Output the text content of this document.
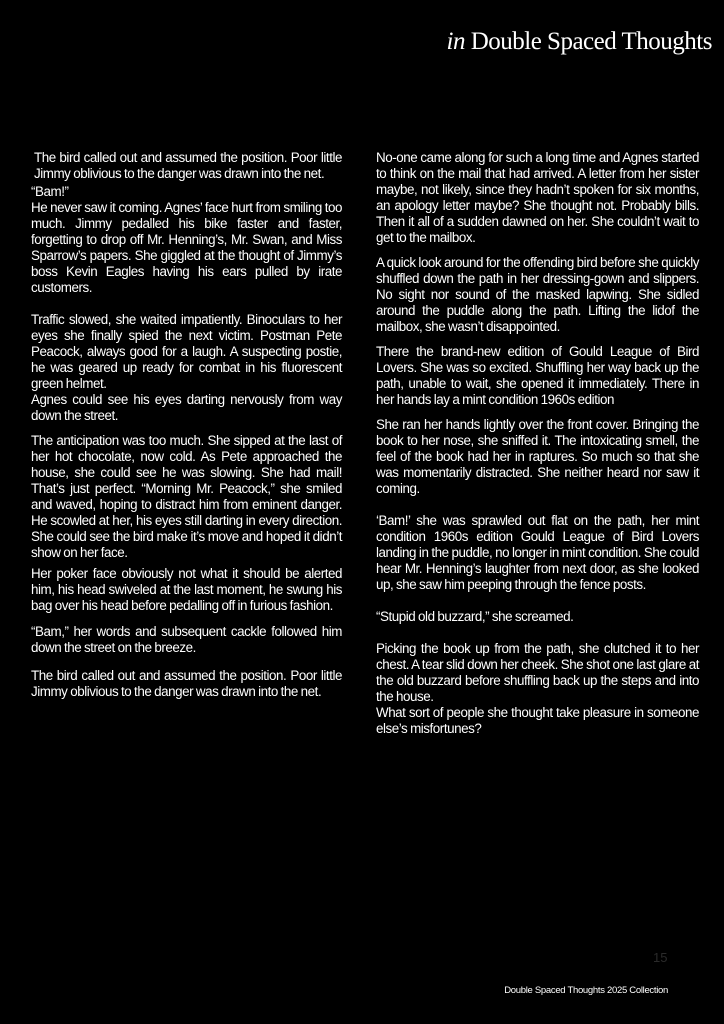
in Double Spaced Thoughts

The bird called out and assumed the position. Poor little Jimmy oblivious to the danger was drawn into the net.

“Bam!”

He never saw it coming. Agnes’ face hurt from smiling too much. Jimmy pedalled his bike faster and faster, forgetting to drop off Mr. Henning’s, Mr. Swan, and Miss Sparrow’s papers. She giggled at the thought of Jimmy’s boss Kevin Eagles having his ears pulled by irate customers.

Traffic slowed, she waited impatiently. Binoculars to her eyes she finally spied the next victim. Postman Pete Peacock, always good for a laugh. A suspecting postie, he was geared up ready for combat in his fluorescent green helmet.

Agnes could see his eyes darting nervously from way down the street.

The anticipation was too much. She sipped at the last of her hot chocolate, now cold. As Pete approached the house, she could see he was slowing. She had mail! That’s just perfect. “Morning Mr. Peacock,” she smiled and waved, hoping to distract him from eminent danger. He scowled at her, his eyes still darting in every direction. She could see the bird make it’s move and hoped it didn’t show on her face.

Her poker face obviously not what it should be alerted him, his head swiveled at the last moment, he swung his bag over his head before pedalling off in furious fashion.

“Bam,” her words and subsequent cackle followed him down the street on the breeze.

The bird called out and assumed the position. Poor little Jimmy oblivious to the danger was drawn into the net.

No-one came along for such a long time and Agnes started to think on the mail that had arrived. A letter from her sister maybe, not likely, since they hadn’t spoken for six months, an apology letter maybe? She thought not. Probably bills. Then it all of a sudden dawned on her. She couldn’t wait to get to the mailbox.

A quick look around for the offending bird before she quickly shuffled down the path in her dressing-gown and slippers. No sight nor sound of the masked lapwing. She sidled around the puddle along the path. Lifting the lidof the mailbox, she wasn’t disappointed.

There the brand-new edition of Gould League of Bird Lovers. She was so excited. Shuffling her way back up the path, unable to wait, she opened it immediately. There in her hands lay a mint condition 1960s edition

She ran her hands lightly over the front cover. Bringing the book to her nose, she sniffed it. The intoxicating smell, the feel of the book had her in raptures. So much so that she was momentarily distracted. She neither heard nor saw it coming.

‘Bam!’ she was sprawled out flat on the path, her mint condition 1960s edition Gould League of Bird Lovers landing in the puddle, no longer in mint condition. She could hear Mr. Henning’s laughter from next door, as she looked up, she saw him peeping through the fence posts.

“Stupid old buzzard,” she screamed.

Picking the book up from the path, she clutched it to her chest. A tear slid down her cheek. She shot one last glare at the old buzzard before shuffling back up the steps and into the house.

What sort of people she thought take pleasure in someone else’s misfortunes?

15
Double Spaced Thoughts 2025 Collection
